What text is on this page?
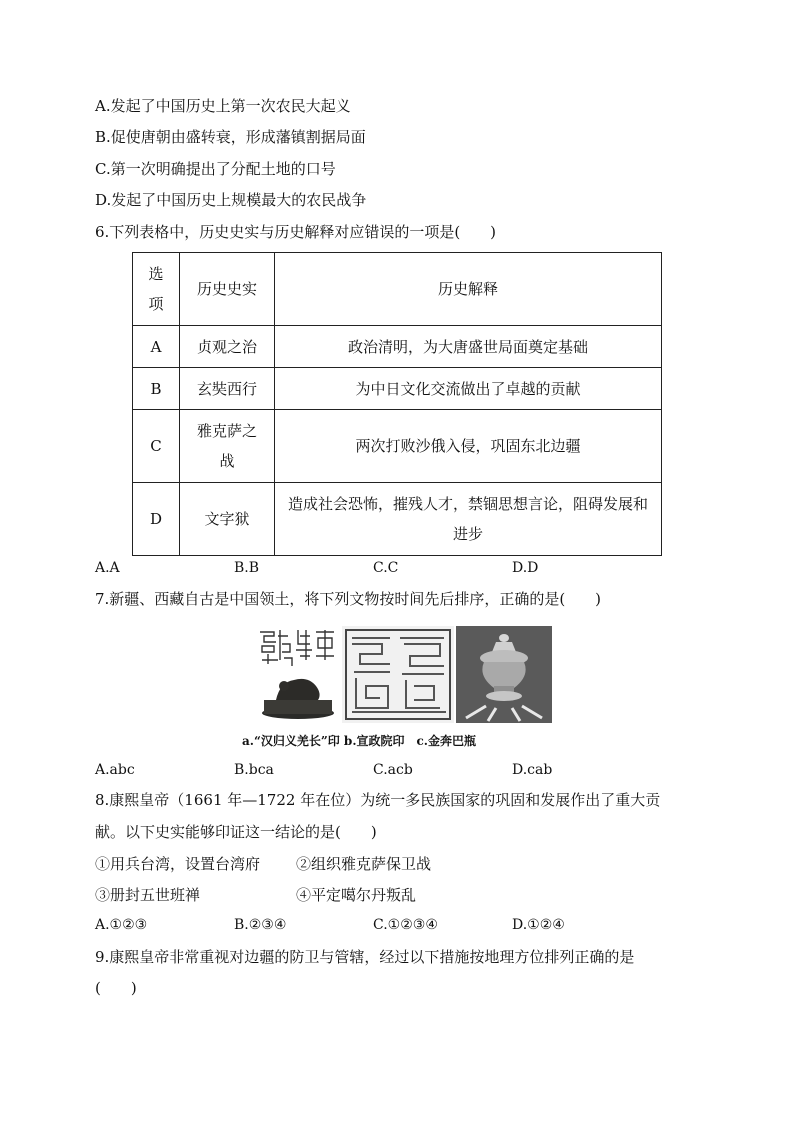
A.发起了中国历史上第一次农民大起义
B.促使唐朝由盛转衰，形成藩镇割据局面
C.第一次明确提出了分配土地的口号
D.发起了中国历史上规模最大的农民战争
6.下列表格中，历史史实与历史解释对应错误的一项是(　　)
选项	历史史实	历史解释
A	贞观之治	政治清明，为大唐盛世局面奠定基础
B	玄奘西行	为中日文化交流做出了卓越的贡献
C	雅克萨之战	两次打败沙俄入侵，巩固东北边疆
D	文字狱	造成社会恐怖，摧残人才，禁锢思想言论，阻碍发展和进步
A.A	B.B	C.C	D.D
7.新疆、西藏自古是中国领土，将下列文物按时间先后排序，正确的是(　　)
a.“汉归义羌长”印 b.宣政院印　c.金奔巴瓶
A.abc	B.bca	C.acb	D.cab
8.康熙皇帝（1661 年—1722 年在位）为统一多民族国家的巩固和发展作出了重大贡
献。以下史实能够印证这一结论的是(　　)
①用兵台湾，设置台湾府	②组织雅克萨保卫战
③册封五世班禅	④平定噶尔丹叛乱
A.①②③	B.②③④	C.①②③④	D.①②④
9.康熙皇帝非常重视对边疆的防卫与管辖，经过以下措施按地理方位排列正确的是
(　　)
